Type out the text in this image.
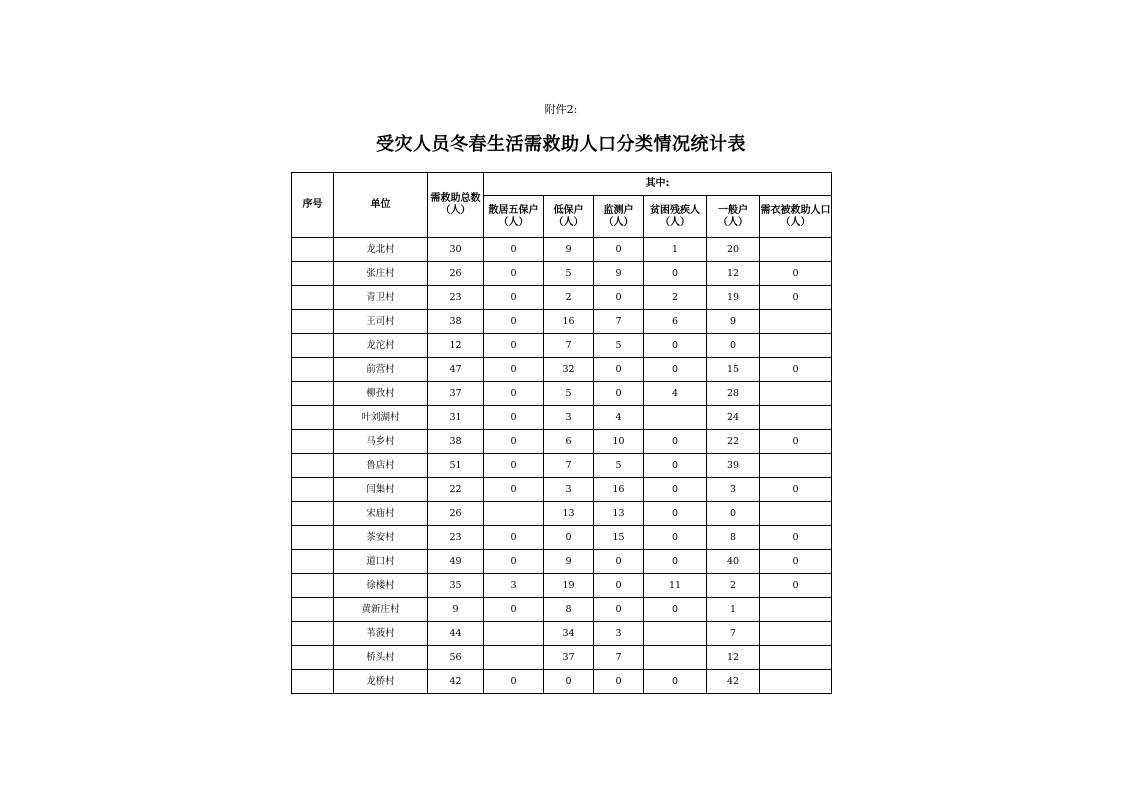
附件2:
受灾人员冬春生活需救助人口分类情况统计表
序号	单位	需救助总数（人）	其中:					
			散居五保户（人）	低保户（人）	监测户（人）	贫困残疾人（人）	一般户（人）	需衣被救助人口（人）
	龙北村	30	0	9	0	1	20	
	张庄村	26	0	5	9	0	12	0
	青卫村	23	0	2	0	2	19	0
	王司村	38	0	16	7	6	9	
	龙沱村	12	0	7	5	0	0	
	前营村	47	0	32	0	0	15	0
	柳孜村	37	0	5	0	4	28	
	叶刘湖村	31	0	3	4		24	
	马乡村	38	0	6	10	0	22	0
	鲁店村	51	0	7	5	0	39	
	闫集村	22	0	3	16	0	3	0
	宋庙村	26		13	13	0	0	
	茶安村	23	0	0	15	0	8	0
	道口村	49	0	9	0	0	40	0
	徐楼村	35	3	19	0	11	2	0
	黄新庄村	9	0	8	0	0	1	
	苇菠村	44		34	3		7	
	桥头村	56		37	7		12	
	龙桥村	42	0	0	0	0	42	
